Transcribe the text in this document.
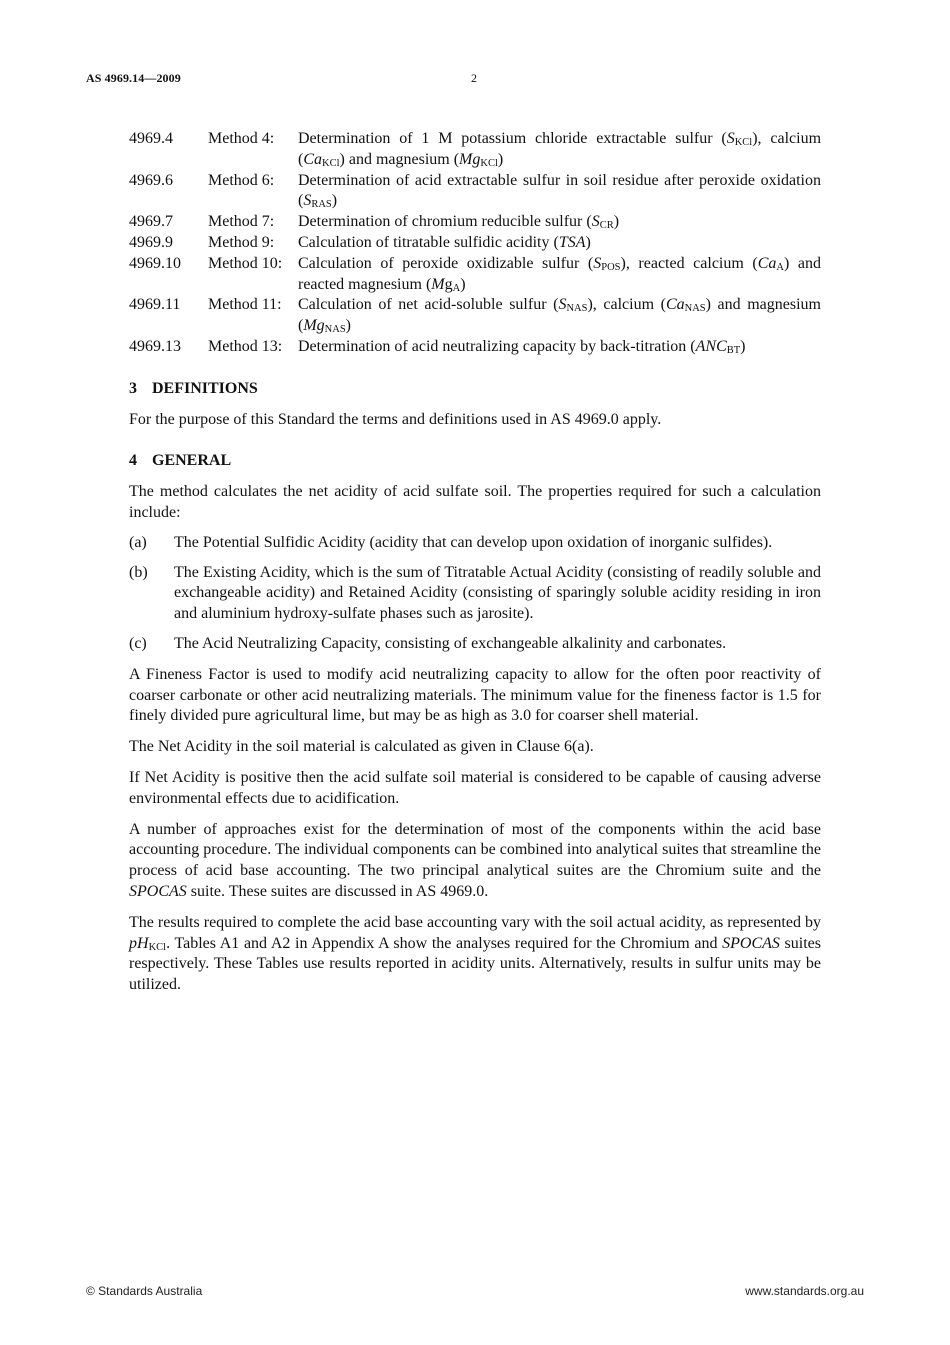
AS 4969.14—2009	2
4969.4	Method 4:	Determination of 1 M potassium chloride extractable sulfur $(S_{KCl})$, calcium $(Ca_{KCl})$ and magnesium $(Mg_{KCl})$
4969.6	Method 6:	Determination of acid extractable sulfur in soil residue after peroxide oxidation $(S_{RAS})$
4969.7	Method 7:	Determination of chromium reducible sulfur $(S_{CR})$
4969.9	Method 9:	Calculation of titratable sulfidic acidity (TSA)
4969.10	Method 10:	Calculation of peroxide oxidizable sulfur $(S_{POS})$, reacted calcium $(Ca_A)$ and reacted magnesium $(Mg_A)$
4969.11	Method 11:	Calculation of net acid-soluble sulfur $(S_{NAS})$, calcium $(Ca_{NAS})$ and magnesium $(Mg_{NAS})$
4969.13	Method 13:	Determination of acid neutralizing capacity by back-titration $(ANC_{BT})$
3 DEFINITIONS

For the purpose of this Standard the terms and definitions used in AS 4969.0 apply.

4 GENERAL

The method calculates the net acidity of acid sulfate soil. The properties required for such a calculation include:

(a)	The Potential Sulfidic Acidity (acidity that can develop upon oxidation of inorganic sulfides).
(b)	The Existing Acidity, which is the sum of Titratable Actual Acidity (consisting of readily soluble and exchangeable acidity) and Retained Acidity (consisting of sparingly soluble acidity residing in iron and aluminium hydroxy-sulfate phases such as jarosite).
(c)	The Acid Neutralizing Capacity, consisting of exchangeable alkalinity and carbonates.

A Fineness Factor is used to modify acid neutralizing capacity to allow for the often poor reactivity of coarser carbonate or other acid neutralizing materials. The minimum value for the fineness factor is 1.5 for finely divided pure agricultural lime, but may be as high as 3.0 for coarser shell material.

The Net Acidity in the soil material is calculated as given in Clause 6(a).

If Net Acidity is positive then the acid sulfate soil material is considered to be capable of causing adverse environmental effects due to acidification.

A number of approaches exist for the determination of most of the components within the acid base accounting procedure. The individual components can be combined into analytical suites that streamline the process of acid base accounting. The two principal analytical suites are the Chromium suite and the SPOCAS suite. These suites are discussed in AS 4969.0.

The results required to complete the acid base accounting vary with the soil actual acidity, as represented by $pH_{KCl}$. Tables A1 and A2 in Appendix A show the analyses required for the Chromium and SPOCAS suites respectively. These Tables use results reported in acidity units. Alternatively, results in sulfur units may be utilized.

© Standards Australia	www.standards.org.au
